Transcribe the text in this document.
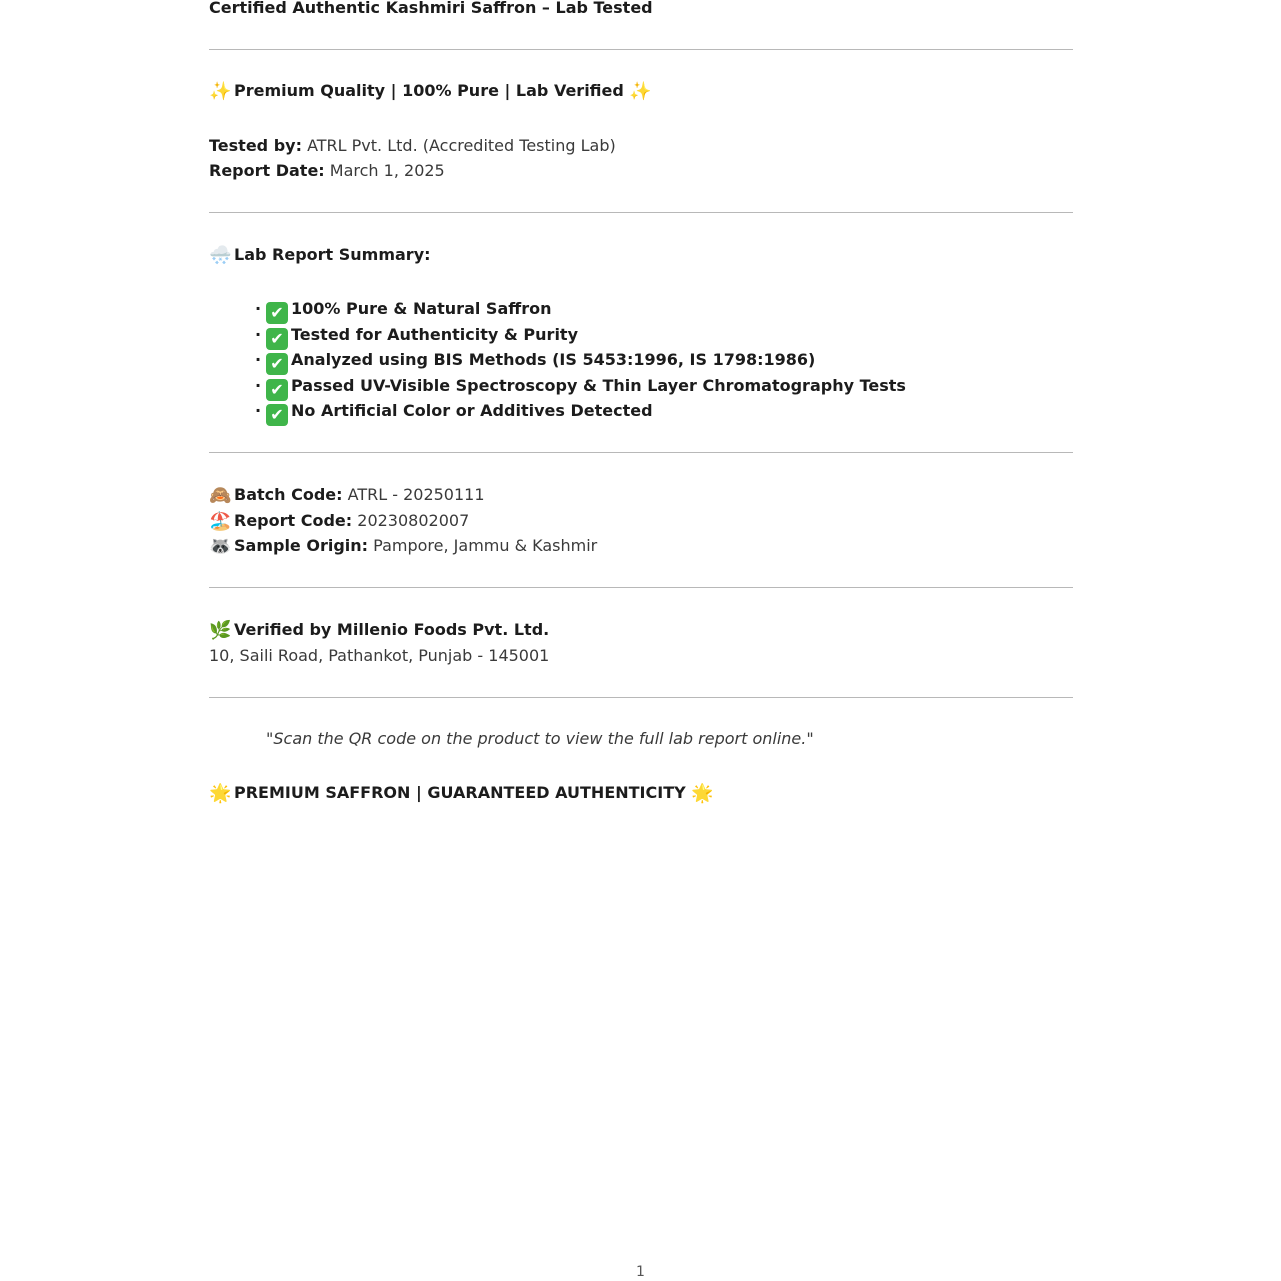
Certified Authentic Kashmiri Saffron – Lab Tested
✨ Premium Quality | 100% Pure | Lab Verified ✨
Tested by: ATRL Pvt. Ltd. (Accredited Testing Lab)
Report Date: March 1, 2025
🌨️ Lab Report Summary:
· ✔ 100% Pure & Natural Saffron
· ✔ Tested for Authenticity & Purity
· ✔ Analyzed using BIS Methods (IS 5453:1996, IS 1798:1986)
· ✔ Passed UV-Visible Spectroscopy & Thin Layer Chromatography Tests
· ✔ No Artificial Color or Additives Detected
🙈 Batch Code: ATRL - 20250111
🏖️ Report Code: 20230802007
🦝 Sample Origin: Pampore, Jammu & Kashmir
🌿 Verified by Millenio Foods Pvt. Ltd.
10, Saili Road, Pathankot, Punjab - 145001
"Scan the QR code on the product to view the full lab report online."
🌟 PREMIUM SAFFRON | GUARANTEED AUTHENTICITY 🌟
1
